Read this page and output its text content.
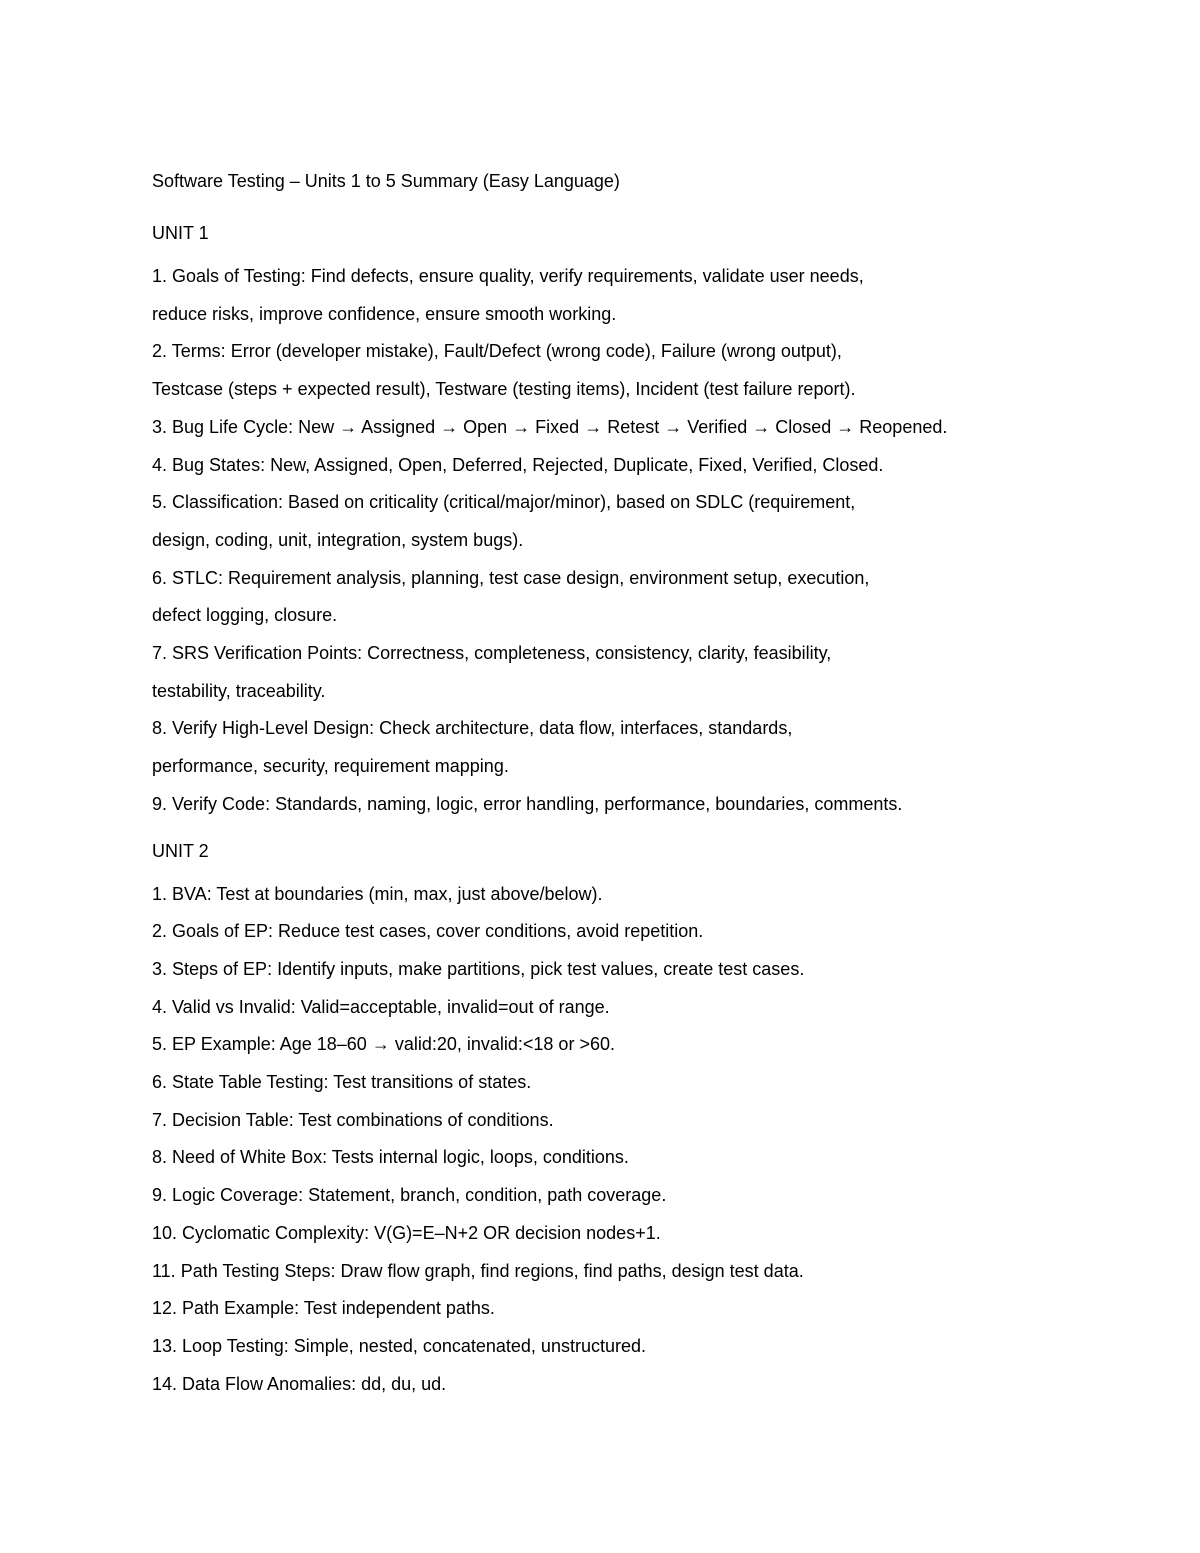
Software Testing – Units 1 to 5 Summary (Easy Language)
UNIT 1
1. Goals of Testing: Find defects, ensure quality, verify requirements, validate user needs,
reduce risks, improve confidence, ensure smooth working.
2. Terms: Error (developer mistake), Fault/Defect (wrong code), Failure (wrong output),
Testcase (steps + expected result), Testware (testing items), Incident (test failure report).
3. Bug Life Cycle: New → Assigned → Open → Fixed → Retest → Verified → Closed → Reopened.
4. Bug States: New, Assigned, Open, Deferred, Rejected, Duplicate, Fixed, Verified, Closed.
5. Classification: Based on criticality (critical/major/minor), based on SDLC (requirement,
design, coding, unit, integration, system bugs).
6. STLC: Requirement analysis, planning, test case design, environment setup, execution,
defect logging, closure.
7. SRS Verification Points: Correctness, completeness, consistency, clarity, feasibility,
testability, traceability.
8. Verify High-Level Design: Check architecture, data flow, interfaces, standards,
performance, security, requirement mapping.
9. Verify Code: Standards, naming, logic, error handling, performance, boundaries, comments.
UNIT 2
1. BVA: Test at boundaries (min, max, just above/below).
2. Goals of EP: Reduce test cases, cover conditions, avoid repetition.
3. Steps of EP: Identify inputs, make partitions, pick test values, create test cases.
4. Valid vs Invalid: Valid=acceptable, invalid=out of range.
5. EP Example: Age 18–60 → valid:20, invalid:<18 or >60.
6. State Table Testing: Test transitions of states.
7. Decision Table: Test combinations of conditions.
8. Need of White Box: Tests internal logic, loops, conditions.
9. Logic Coverage: Statement, branch, condition, path coverage.
10. Cyclomatic Complexity: V(G)=E–N+2 OR decision nodes+1.
11. Path Testing Steps: Draw flow graph, find regions, find paths, design test data.
12. Path Example: Test independent paths.
13. Loop Testing: Simple, nested, concatenated, unstructured.
14. Data Flow Anomalies: dd, du, ud.
